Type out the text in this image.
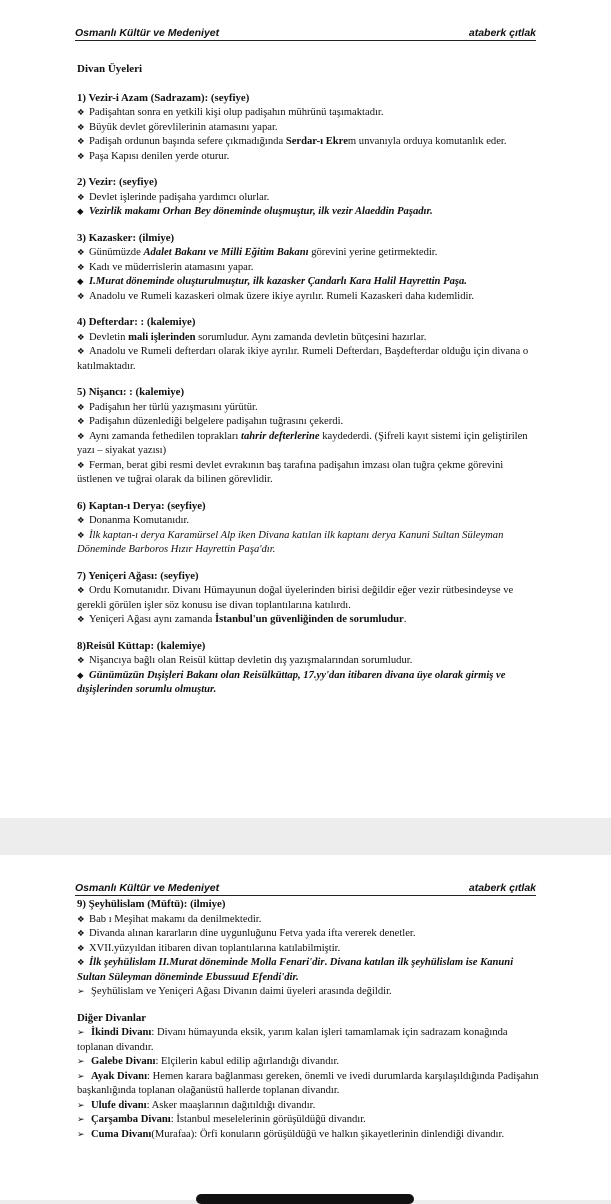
Osmanlı Kültür ve Medeniyet	ataberk çıtlak
Divan Üyeleri
1) Vezir-i Azam (Sadrazam): (seyfiye)
❖ Padişahtan sonra en yetkili kişi olup padişahın mührünü taşımaktadır.
❖ Büyük devlet görevlilerinin atamasını yapar.
❖ Padişah ordunun başında sefere çıkmadığında Serdar-ı Ekrem unvanıyla orduya komutanlık eder.
❖ Paşa Kapısı denilen yerde oturur.
2) Vezir: (seyfiye)
❖ Devlet işlerinde padişaha yardımcı olurlar.
◆ Vezirlik makamı Orhan Bey döneminde oluşmuştur, ilk vezir Alaeddin Paşadır.
3) Kazasker: (ilmiye)
❖ Günümüzde Adalet Bakanı ve Milli Eğitim Bakanı görevini yerine getirmektedir.
❖ Kadı ve müderrislerin atamasını yapar.
◆ I.Murat döneminde oluşturulmuştur, ilk kazasker Çandarlı Kara Halil Hayrettin Paşa.
❖ Anadolu ve Rumeli kazaskeri olmak üzere ikiye ayrılır. Rumeli Kazaskeri daha kıdemlidir.
4) Defterdar: : (kalemiye)
❖ Devletin mali işlerinden sorumludur. Aynı zamanda devletin bütçesini hazırlar.
❖ Anadolu ve Rumeli defterdarı olarak ikiye ayrılır. Rumeli Defterdarı, Başdefterdar olduğu için divana o katılmaktadır.
5) Nişancı: : (kalemiye)
❖ Padişahın her türlü yazışmasını yürütür.
❖ Padişahın düzenlediği belgelere padişahın tuğrasını çekerdi.
❖ Aynı zamanda fethedilen toprakları tahrir defterlerine kaydederdi. (Şifreli kayıt sistemi için geliştirilen yazı – siyakat yazısı)
❖ Ferman, berat gibi resmi devlet evrakının baş tarafına padişahın imzası olan tuğra çekme görevini üstlenen ve tuğrai olarak da bilinen görevlidir.
6) Kaptan-ı Derya: (seyfiye)
❖ Donanma Komutanıdır.
❖ İlk kaptan-ı derya Karamürsel Alp iken Divana katılan ilk kaptanı derya Kanuni Sultan Süleyman Döneminde Barboros Hızır Hayrettin Paşa'dır.
7) Yeniçeri Ağası: (seyfiye)
❖ Ordu Komutanıdır. Divanı Hümayunun doğal üyelerinden birisi değildir eğer vezir rütbesindeyse ve gerekli görülen işler söz konusu ise divan toplantılarına katılırdı.
❖ Yeniçeri Ağası aynı zamanda İstanbul'un güvenliğinden de sorumludur.
8)Reisül Küttap: (kalemiye)
❖ Nişancıya bağlı olan Reisül küttap devletin dış yazışmalarından sorumludur.
◆ Günümüzün Dışişleri Bakanı olan Reisülküttap, 17.yy'dan itibaren divana üye olarak girmiş ve dışişlerinden sorumlu olmuştur.
Osmanlı Kültür ve Medeniyet	ataberk çıtlak
9) Şeyhülislam (Müftü): (ilmiye)
❖ Bab ı Meşihat makamı da denilmektedir.
❖ Divanda alınan kararların dine uygunluğunu Fetva yada ifta vererek denetler.
❖ XVII.yüzyıldan itibaren divan toplantılarına katılabilmiştir.
❖ İlk şeyhülislam II.Murat döneminde Molla Fenari'dir. Divana katılan ilk şeyhülislam ise Kanuni Sultan Süleyman döneminde Ebussuud Efendi'dir.
➢ Şeyhülislam ve Yeniçeri Ağası Divanın daimi üyeleri arasında değildir.
Diğer Divanlar
➢ İkindi Divanı: Divanı hümayunda eksik, yarım kalan işleri tamamlamak için sadrazam konağında toplanan divandır.
➢ Galebe Divanı: Elçilerin kabul edilip ağırlandığı divandır.
➢ Ayak Divanı: Hemen karara bağlanması gereken, önemli ve ivedi durumlarda karşılaşıldığında Padişahın başkanlığında toplanan olağanüstü hallerde toplanan divandır.
➢ Ulufe divanı: Asker maaşlarının dağıtıldığı divandır.
➢ Çarşamba Divanı: İstanbul meselelerinin görüşüldüğü divandır.
➢ Cuma Divanı(Murafaa): Örfi konuların görüşüldüğü ve halkın şikayetlerinin dinlendiği divandır.
